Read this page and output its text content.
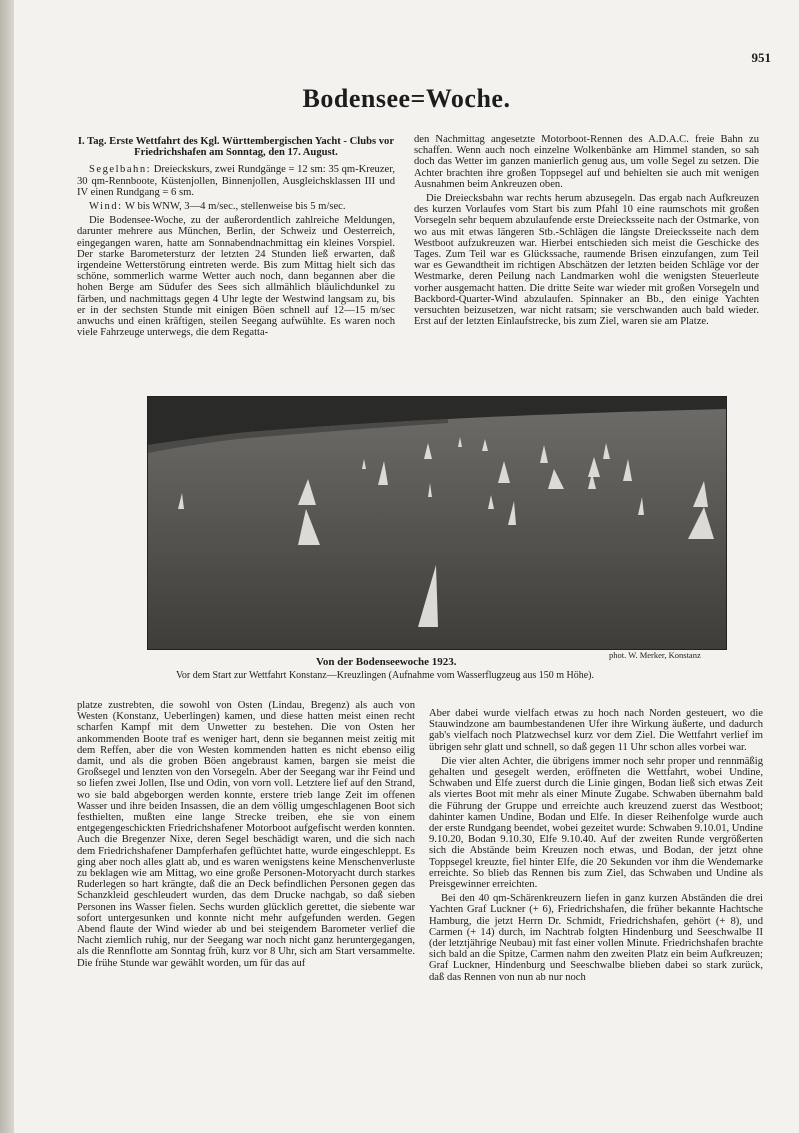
951
Bodensee=Woche.
I. Tag. Erste Wettfahrt des Kgl. Württembergischen Yacht - Clubs vor Friedrichshafen am Sonntag, den 17. August.

Segelbahn: Dreieckskurs, zwei Rundgänge = 12 sm: 35 qm-Kreuzer, 30 qm-Rennboote, Küstenjollen, Binnenjollen, Ausgleichsklassen III und IV einen Rundgang = 6 sm.

Wind: W bis WNW, 3—4 m/sec., stellenweise bis 5 m/sec.

Die Bodensee-Woche, zu der außerordentlich zahlreiche Meldungen, darunter mehrere aus München, Berlin, der Schweiz und Oesterreich, eingegangen waren, hatte am Sonnabendnachmittag ein kleines Vorspiel. Der starke Barometersturz der letzten 24 Stunden ließ erwarten, daß irgendeine Wetterstörung eintreten werde. Bis zum Mittag hielt sich das schöne, sommerlich warme Wetter auch noch, dann begannen aber die hohen Berge am Südufer des Sees sich allmählich bläulichdunkel zu färben, und nachmittags gegen 4 Uhr legte der Westwind langsam zu, bis er in der sechsten Stunde mit einigen Böen schnell auf 12—15 m/sec anwuchs und einen kräftigen, steilen Seegang aufwühlte. Es waren noch viele Fahrzeuge unterwegs, die dem Regatta-

den Nachmittag angesetzte Motorboot-Rennen des A.D.A.C. freie Bahn zu schaffen. Wenn auch noch einzelne Wolkenbänke am Himmel standen, so sah doch das Wetter im ganzen manierlich genug aus, um volle Segel zu setzen. Die Achter brachten ihre großen Toppsegel auf und behielten sie auch mit wenigen Ausnahmen beim Ankreuzen oben.

Die Dreiecksbahn war rechts herum abzusegeln. Das ergab nach Aufkreuzen des kurzen Vorlaufes vom Start bis zum Pfahl 10 eine raumschots mit großen Vorsegeln sehr bequem abzulaufende erste Dreiecksseite nach der Ostmarke, von wo aus mit etwas längeren Stb.-Schlägen die längste Dreiecksseite nach dem Westboot aufzukreuzen war. Hierbei entschieden sich meist die Geschicke des Tages. Zum Teil war es Glückssache, raumende Brisen einzufangen, zum Teil war es Gewandtheit im richtigen Abschätzen der letzten beiden Schläge vor der Westmarke, deren Peilung nach Landmarken wohl die wenigsten Steuerleute vorher ausgemacht hatten. Die dritte Seite war wieder mit großen Vorsegeln und Backbord-Quarter-Wind abzulaufen. Spinnaker an Bb., den einige Yachten versuchten beizusetzen, war nicht ratsam; sie verschwanden auch bald wieder. Erst auf der letzten Einlaufstrecke, bis zum Ziel, waren sie am Platze.

Von der Bodenseewoche 1923.
phot. W. Merker, Konstanz
Vor dem Start zur Wettfahrt Konstanz—Kreuzlingen (Aufnahme vom Wasserflugzeug aus 150 m Höhe).

platze zustrebten, die sowohl von Osten (Lindau, Bregenz) als auch von Westen (Konstanz, Ueberlingen) kamen, und diese hatten meist einen recht scharfen Kampf mit dem Unwetter zu bestehen. Die von Osten her ankommenden Boote traf es weniger hart, denn sie begannen meist zeitig mit dem Reffen, aber die von Westen kommenden hatten es nicht ebenso eilig damit, und als die groben Böen angebraust kamen, bargen sie meist die Großsegel und lenzten von den Vorsegeln. Aber der Seegang war ihr Feind und so liefen zwei Jollen, Ilse und Odin, von vorn voll. Letztere lief auf den Strand, wo sie bald abgeborgen werden konnte, erstere trieb lange Zeit im offenen Wasser und ihre beiden Insassen, die an dem völlig umgeschlagenen Boot sich festhielten, mußten eine lange Strecke treiben, ehe sie von einem entgegengeschickten Friedrichshafener Motorboot aufgefischt werden konnten. Auch die Bregenzer Nixe, deren Segel beschädigt waren, und die sich nach dem Friedrichshafener Dampferhafen geflüchtet hatte, wurde eingeschleppt. Es ging aber noch alles glatt ab, und es waren wenigstens keine Menschenverluste zu beklagen wie am Mittag, wo eine große Personen-Motoryacht durch starkes Ruderlegen so hart krängte, daß die an Deck befindlichen Personen gegen das Schanzkleid geschleudert wurden, das dem Drucke nachgab, so daß sieben Personen ins Wasser fielen. Sechs wurden glücklich gerettet, die siebente war sofort untergesunken und konnte nicht mehr aufgefunden werden. Gegen Abend flaute der Wind wieder ab und bei steigendem Barometer verlief die Nacht ziemlich ruhig, nur der Seegang war noch nicht ganz heruntergegangen, als die Rennflotte am Sonntag früh, kurz vor 8 Uhr, sich am Start versammelte. Die frühe Stunde war gewählt worden, um für das auf

Aber dabei wurde vielfach etwas zu hoch nach Norden gesteuert, wo die Stauwindzone am baumbestandenen Ufer ihre Wirkung äußerte, und dadurch gab's vielfach noch Platzwechsel kurz vor dem Ziel. Die Wettfahrt verlief im übrigen sehr glatt und schnell, so daß gegen 11 Uhr schon alles vorbei war.

Die vier alten Achter, die übrigens immer noch sehr proper und rennmäßig gehalten und gesegelt werden, eröffneten die Wettfahrt, wobei Undine, Schwaben und Elfe zuerst durch die Linie gingen, Bodan ließ sich etwas Zeit als viertes Boot mit mehr als einer Minute Zugabe. Schwaben übernahm bald die Führung der Gruppe und erreichte auch kreuzend zuerst das Westboot; dahinter kamen Undine, Bodan und Elfe. In dieser Reihenfolge wurde auch der erste Rundgang beendet, wobei gezeitet wurde: Schwaben 9.10.01, Undine 9.10.20, Bodan 9.10.30, Elfe 9.10.40. Auf der zweiten Runde vergrößerten sich die Abstände beim Kreuzen noch etwas, und Bodan, der jetzt ohne Toppsegel kreuzte, fiel hinter Elfe, die 20 Sekunden vor ihm die Wendemarke erreichte. So blieb das Rennen bis zum Ziel, das Schwaben und Undine als Preisgewinner erreichten.

Bei den 40 qm-Schärenkreuzern liefen in ganz kurzen Abständen die drei Yachten Graf Luckner (+ 6), Friedrichshafen, die früher bekannte Hachtsche Hamburg, die jetzt Herrn Dr. Schmidt, Friedrichshafen, gehört (+ 8), und Carmen (+ 14) durch, im Nachtrab folgten Hindenburg und Seeschwalbe II (der letztjährige Neubau) mit fast einer vollen Minute. Friedrichshafen brachte sich bald an die Spitze, Carmen nahm den zweiten Platz ein beim Aufkreuzen; Graf Luckner, Hindenburg und Seeschwalbe blieben dabei so stark zurück, daß das Rennen von nun ab nur noch
